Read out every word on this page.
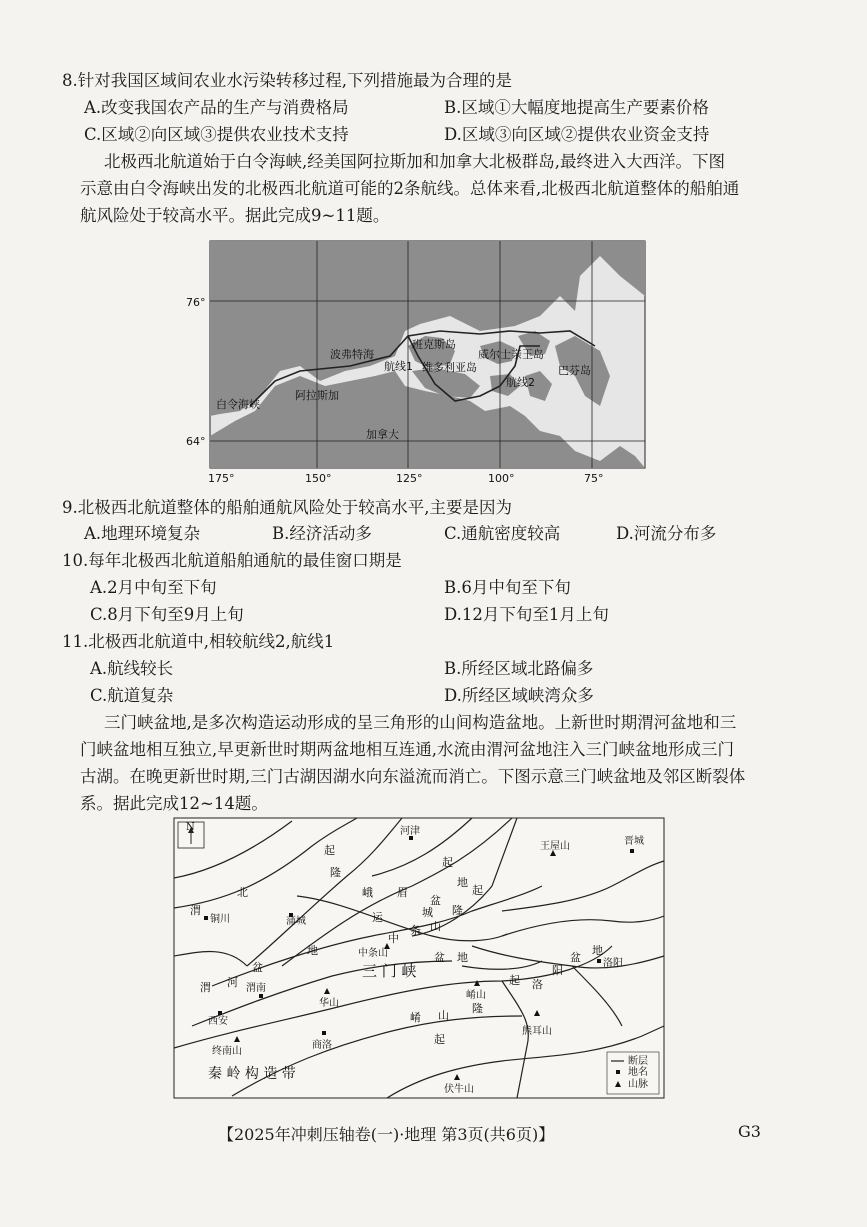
8.针对我国区域间农业水污染转移过程,下列措施最为合理的是
A.改变我国农产品的生产与消费格局	B.区域①大幅度地提高生产要素价格
C.区域②向区域③提供农业技术支持	D.区域③向区域②提供农业资金支持
北极西北航道始于白令海峡,经美国阿拉斯加和加拿大北极群岛,最终进入大西洋。下图
示意由白令海峡出发的北极西北航道可能的2条航线。总体来看,北极西北航道整体的船舶通
航风险处于较高水平。据此完成9~11题。
76°
64°
175°	150°	125°	100°	75°
白令海峡
阿拉斯加
波弗特海
班克斯岛
维多利亚岛
威尔士亲王岛
巴芬岛
加拿大
航线1
航线2
9.北极西北航道整体的船舶通航风险处于较高水平,主要是因为
A.地理环境复杂	B.经济活动多	C.通航密度较高	D.河流分布多
10.每年北极西北航道船舶通航的最佳窗口期是
A.2月中旬至下旬	B.6月中旬至下旬
C.8月下旬至9月上旬	D.12月下旬至1月上旬
11.北极西北航道中,相较航线2,航线1
A.航线较长	B.所经区域北路偏多
C.航道复杂	D.所经区域峡湾众多
三门峡盆地,是多次构造运动形成的呈三角形的山间构造盆地。上新世时期渭河盆地和三
门峡盆地相互独立,早更新世时期两盆地相互连通,水流由渭河盆地注入三门峡盆地形成三门
古湖。在晚更新世时期,三门古湖因湖水向东溢流而消亡。下图示意三门峡盆地及邻区断裂体
系。据此完成12~14题。
N	河津
晋城
王屋山
铜川	蒲城
中条山
渭南
华山
西安
崤山
洛阳
熊耳山
终南山
商洛
伏牛山
起
隆
北
渭
峨 眉
运	城
起
地
起
隆
盆
中
条 山
地
盆
渭 河
三 门 峡
盆 地
起 洛
阳
盆
地
崤 山
隆
起
秦 岭 构 造 带
断层
地名
山脉
【2025年冲刺压轴卷(一)·地理 第3页(共6页)】	G3
